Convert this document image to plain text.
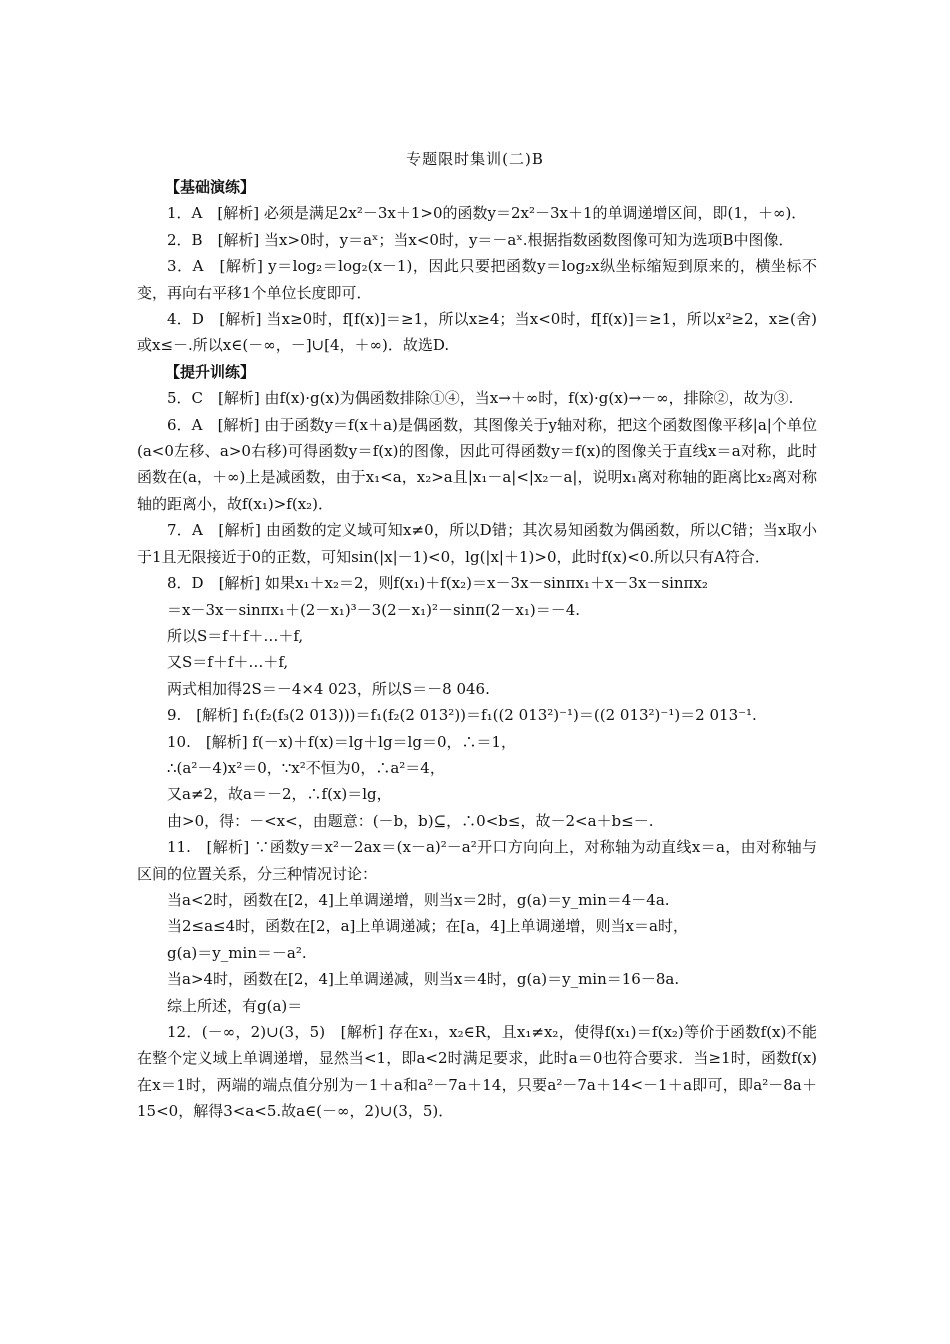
专题限时集训(二)B

【基础演练】

1．A　[解析] 必须是满足2x²－3x＋1>0的函数y＝2x²－3x＋1的单调递增区间，即(1，＋∞)．

2．B　[解析] 当x>0时，y＝aˣ；当x<0时，y＝－aˣ.根据指数函数图像可知为选项B中图像．

3．A　[解析] y＝log₂＝log₂(x－1)，因此只要把函数y＝log₂x纵坐标缩短到原来的，横坐标不变，再向右平移1个单位长度即可．

4．D　[解析] 当x≥0时，f[f(x)]＝≥1，所以x≥4；当x<0时，f[f(x)]＝≥1，所以x²≥2，x≥(舍)或x≤－.所以x∈(－∞，－]∪[4，＋∞)．故选D.

【提升训练】

5．C　[解析] 由f(x)·g(x)为偶函数排除①④，当x→＋∞时，f(x)·g(x)→－∞，排除②，故为③.

6．A　[解析] 由于函数y＝f(x＋a)是偶函数，其图像关于y轴对称，把这个函数图像平移|a|个单位(a<0左移、a>0右移)可得函数y＝f(x)的图像，因此可得函数y＝f(x)的图像关于直线x＝a对称，此时函数在(a，＋∞)上是减函数，由于x₁<a，x₂>a且|x₁－a|<|x₂－a|，说明x₁离对称轴的距离比x₂离对称轴的距离小，故f(x₁)>f(x₂)．

7．A　[解析] 由函数的定义域可知x≠0，所以D错；其次易知函数为偶函数，所以C错；当x取小于1且无限接近于0的正数，可知sin(|x|－1)<0，lg(|x|＋1)>0，此时f(x)<0.所以只有A符合．

8．D　[解析] 如果x₁＋x₂＝2，则f(x₁)＋f(x₂)＝x－3x－sinπx₁＋x－3x－sinπx₂

＝x－3x－sinπx₁＋(2－x₁)³－3(2－x₁)²－sinπ(2－x₁)＝－4.

所以S＝f＋f＋…＋f,

又S＝f＋f＋…＋f,

两式相加得2S＝－4×4 023，所以S＝－8 046.

9.　[解析] f₁(f₂(f₃(2 013)))＝f₁(f₂(2 013²))＝f₁((2 013²)⁻¹)＝((2 013²)⁻¹)＝2 013⁻¹.

10.　[解析] f(－x)＋f(x)＝lg＋lg＝lg＝0，∴＝1，

∴(a²－4)x²＝0，∵x²不恒为0，∴a²＝4，

又a≠2，故a＝－2，∴f(x)＝lg，

由>0，得：－<x<，由题意：(－b，b)⊆，∴0<b≤，故－2<a＋b≤－.

11.　[解析] ∵函数y＝x²－2ax＝(x－a)²－a²开口方向向上，对称轴为动直线x＝a，由对称轴与区间的位置关系，分三种情况讨论：

当a<2时，函数在[2，4]上单调递增，则当x＝2时，g(a)＝y_min＝4－4a.

当2≤a≤4时，函数在[2，a]上单调递减；在[a，4]上单调递增，则当x＝a时，

g(a)＝y_min＝－a².

当a>4时，函数在[2，4]上单调递减，则当x＝4时，g(a)＝y_min＝16－8a.

综上所述，有g(a)＝

12．(－∞，2)∪(3，5)　[解析] 存在x₁，x₂∈R，且x₁≠x₂，使得f(x₁)＝f(x₂)等价于函数f(x)不能在整个定义域上单调递增，显然当<1，即a<2时满足要求，此时a＝0也符合要求．当≥1时，函数f(x)在x＝1时，两端的端点值分别为－1＋a和a²－7a＋14，只要a²－7a＋14<－1＋a即可，即a²－8a＋15<0，解得3<a<5.故a∈(－∞，2)∪(3，5)．
